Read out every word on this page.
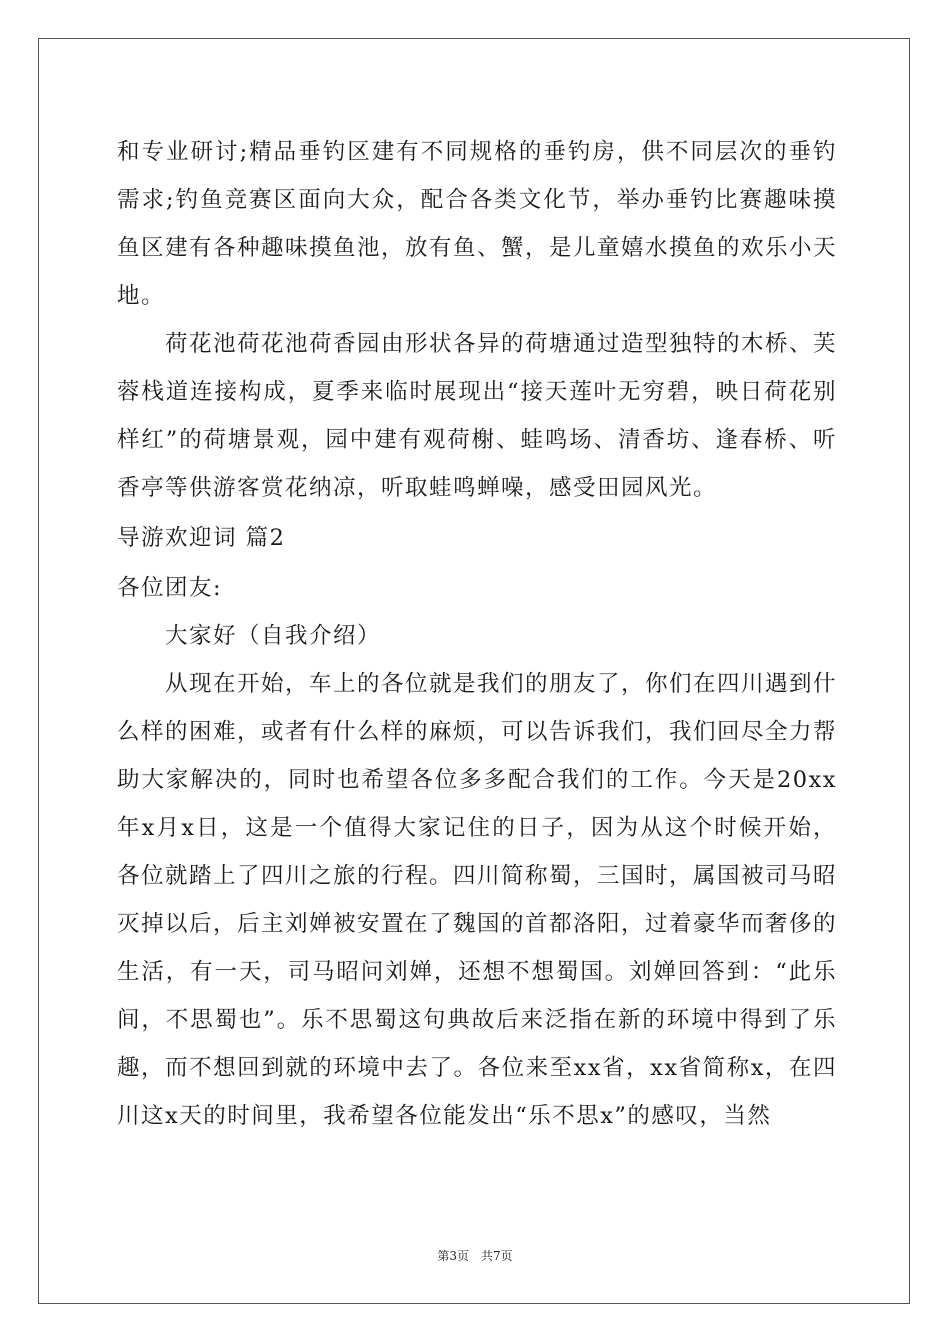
和专业研讨;精品垂钓区建有不同规格的垂钓房，供不同层次的垂钓需求;钓鱼竞赛区面向大众，配合各类文化节，举办垂钓比赛趣味摸鱼区建有各种趣味摸鱼池，放有鱼、蟹，是儿童嬉水摸鱼的欢乐小天地。

荷花池荷花池荷香园由形状各异的荷塘通过造型独特的木桥、芙蓉栈道连接构成，夏季来临时展现出“接天莲叶无穷碧，映日荷花别样红”的荷塘景观，园中建有观荷榭、蛙鸣场、清香坊、逢春桥、听香亭等供游客赏花纳凉，听取蛙鸣蝉噪，感受田园风光。

导游欢迎词 篇2

各位团友:

大家好（自我介绍）

从现在开始，车上的各位就是我们的朋友了，你们在四川遇到什么样的困难，或者有什么样的麻烦，可以告诉我们，我们回尽全力帮助大家解决的，同时也希望各位多多配合我们的工作。今天是20xx年x月x日，这是一个值得大家记住的日子，因为从这个时候开始，各位就踏上了四川之旅的行程。四川简称蜀，三国时，属国被司马昭灭掉以后，后主刘婵被安置在了魏国的首都洛阳，过着豪华而奢侈的生活，有一天，司马昭问刘婵，还想不想蜀国。刘婵回答到：“此乐间，不思蜀也”。乐不思蜀这句典故后来泛指在新的环境中得到了乐趣，而不想回到就的环境中去了。各位来至xx省，xx省简称x，在四川这x天的时间里，我希望各位能发出“乐不思x”的感叹，当然

第3页 共7页
